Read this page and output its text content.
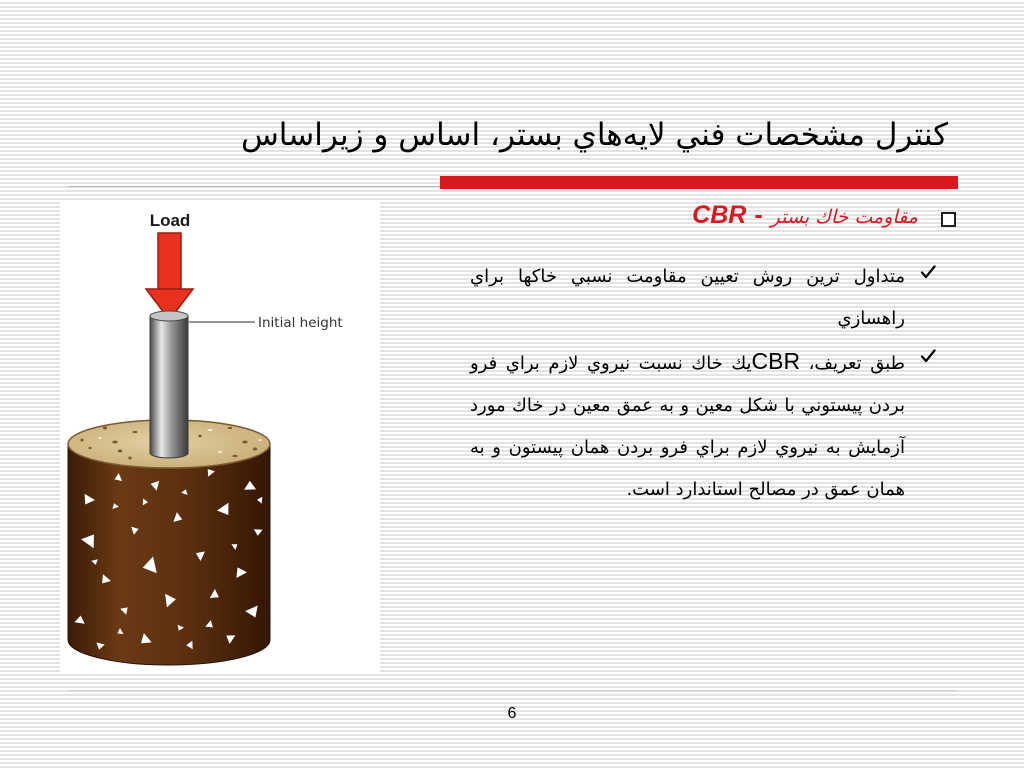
کنترل مشخصات فني لايه‌هاي بستر، اساس و زيراساس
Load
Initial height
CBR - مقاومت خاك بستر

متداول ترين روش تعيين مقاومت نسبي خاكها براي راهسازي

طبق تعريف، CBRيك خاك نسبت نيروي لازم براي فرو بردن پيستوني با شكل معين و به عمق معين در خاك مورد آزمايش به نيروي لازم براي فرو بردن همان پيستون و به همان عمق در مصالح استاندارد است.

6
